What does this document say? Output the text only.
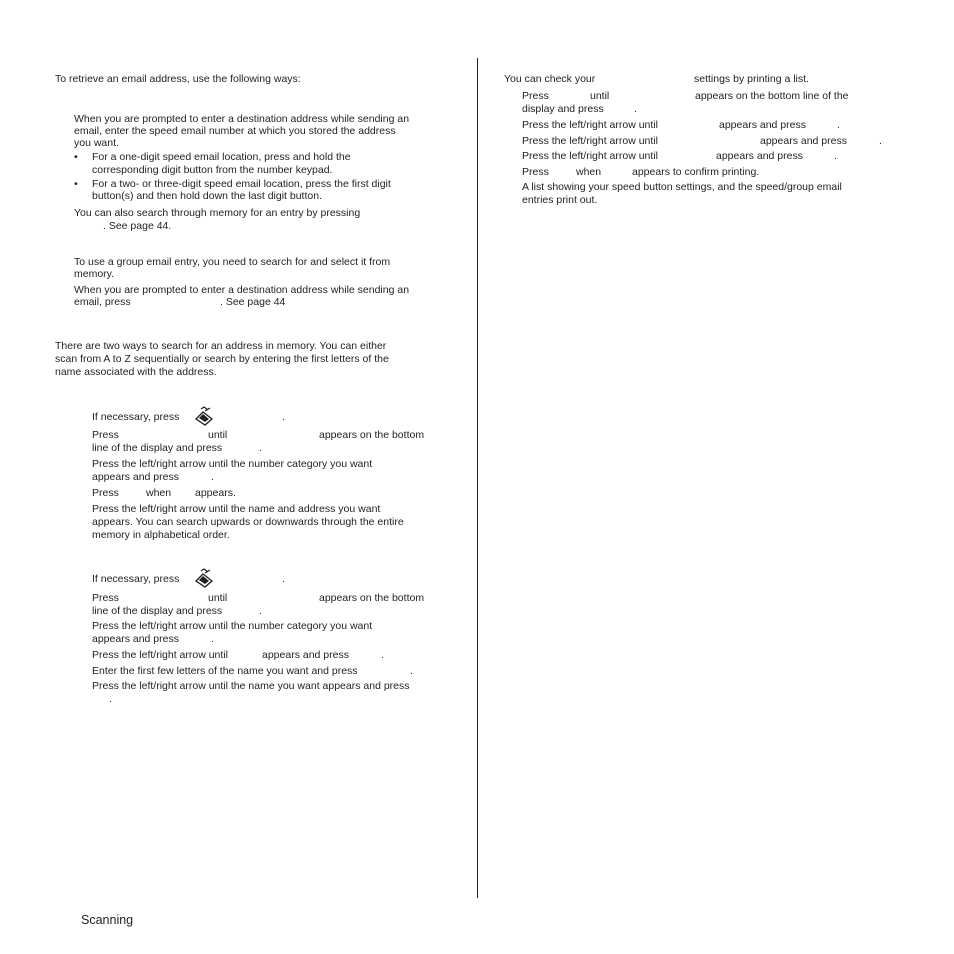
To retrieve an email address, use the following ways:
When you are prompted to enter a destination address while sending an
email, enter the speed email number at which you stored the address
you want.
• For a one-digit speed email location, press and hold the
corresponding digit button from the number keypad.
• For a two- or three-digit speed email location, press the first digit
button(s) and then hold down the last digit button.
You can also search through memory for an entry by pressing
. See page 44.
To use a group email entry, you need to search for and select it from
memory.
When you are prompted to enter a destination address while sending an
email, press	. See page 44
There are two ways to search for an address in memory. You can either
scan from A to Z sequentially or search by entering the first letters of the
name associated with the address.
If necessary, press	.
Press	until	appears on the bottom
line of the display and press	.
Press the left/right arrow until the number category you want
appears and press	.
Press	when appears.
Press the left/right arrow until the name and address you want
appears. You can search upwards or downwards through the entire
memory in alphabetical order.
If necessary, press	.
Press	until	appears on the bottom
line of the display and press	.
Press the left/right arrow until the number category you want
appears and press	.
Press the left/right arrow until	appears and press	.
Enter the first few letters of the name you want and press	.
Press the left/right arrow until the name you want appears and press
.
You can check your	settings by printing a list.
Press	until	appears on the bottom line of the
display and press	.
Press the left/right arrow until	appears and press	.
Press the left/right arrow until	appears and press	.
Press the left/right arrow until	appears and press	.
Press	when	appears to confirm printing.
A list showing your speed button settings, and the speed/group email
entries print out.
Scanning
